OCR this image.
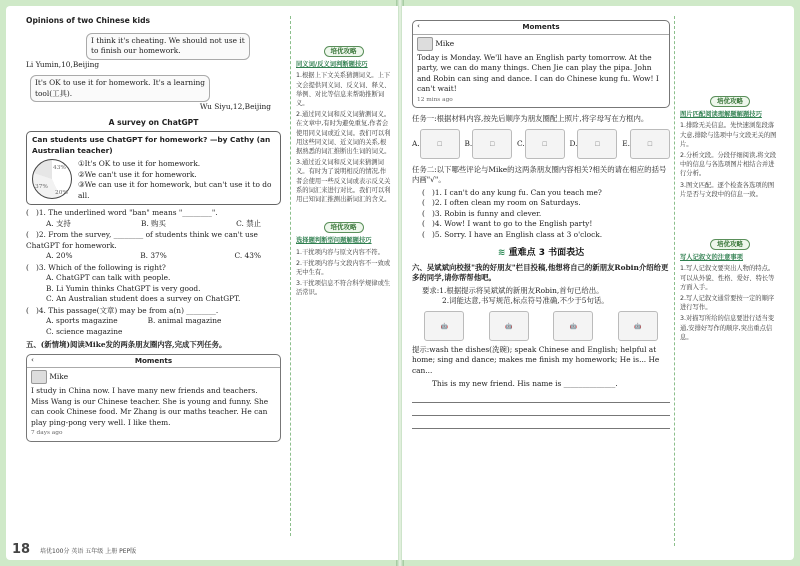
Opinions of two Chinese kids
I think it's cheating. We should not use it
to finish our homework.
Li Yumin,10,Beijing
It's OK to use it for homework. It's a learning
tool(工具).
Wu Siyu,12,Beijing
A survey on ChatGPT
Can students use ChatGPT for homework? —by Cathy (an Australian teacher)
43%
37%
20%
①It's OK to use it for homework.
②We can't use it for homework.
③We can use it for homework, but can't use it to do all.
(   )1. The underlined word "ban" means "________".
A. 支持	B. 购买	C. 禁止
(   )2. From the survey, ________ of students think we can't use ChatGPT for homework.
A. 20%	B. 37%	C. 43%
(   )3. Which of the following is right?
A. ChatGPT can talk with people.
B. Li Yumin thinks ChatGPT is very good.
C. An Australian student does a survey on ChatGPT.
(   )4. This passage(文章) may be from a(n) ________.
A. sports magazine	B. animal magazine
C. science magazine
五、(新情境)阅读Mike发的两条朋友圈内容,完成下列任务。
‹	Moments
Mike
I study in China now. I have many new friends and teachers. Miss Wang is our Chinese teacher. She is young and funny. She can cook Chinese food. Mr Zhang is our maths teacher. He can play ping-pong very well. I like them.
7 days ago
培优攻略
同义词/反义词判断题技巧

1.根据上下文关系猜测词义。上下文会提供同义词、反义词、释义、举例、对比等信息来帮助推断词义。

2.通过同义词和反义词猜测词义。在文章中,有时为避免重复,作者会使用同义词或近义词。我们可以利用这些同义词、近义词的关系,根据熟悉的词汇推断出生词的词义。

3.通过近义词和反义词来猜测词义。有时为了说明相反的情况,作者会使用一些反义词或表示反义关系的词汇来进行对比。我们可以利用已知词汇推测出新词汇的含义。

培优攻略
选择题判断型问题解题技巧

1.干扰项内容与原文内容不符。

2.干扰项内容与文段内容不一致或无中生有。

3.干扰项信息不符合科学规律或生活常识。

18 培优100分 英语 五年级 上册 PEP版
‹	Moments
Mike
Today is Monday. We'll have an English party tomorrow. At the party, we can do many things. Chen Jie can play the pipa. John and Robin can sing and dance. I can do Chinese kung fu. Wow! I can't wait!
12 mins ago
任务一:根据材料内容,按先后顺序为朋友圈配上照片,将字母写在方框内。
A.	☐	B.	☐	C.	☐	D.	☐	E.	☐
任务二:以下哪些评论与Mike的这两条朋友圈内容相关?相关的请在相应的括号内画"√"。
(   )1. I can't do any kung fu. Can you teach me?
(   )2. I often clean my room on Saturdays.
(   )3. Robin is funny and clever.
(   )4. Wow! I want to go to the English party!
(   )5. Sorry. I have an English class at 3 o'clock.
≋ 重难点 3 书面表达
六、吴斌斌向校报"我的好朋友"栏目投稿,他想将自己的新朋友Robin介绍给更多的同学,请你帮帮他吧。
要求:1.根据提示将吴斌斌的新朋友Robin,首句已给出。
2.词能达意,书写规范,标点符号准确,不少于5句话。
🤖	🤖	🤖	🤖
提示:wash the dishes(洗碗); speak Chinese and English; helpful at home; sing and dance; makes me finish my homework; He is... He can...
This is my new friend. His name is ______________.
培优攻略
图片匹配阅读理解题解题技巧

1.排除无关信息。先快速浏览段落大意,排除与选项中与文段无关的图片。

2.分析文段。分段仔细阅读,将文段中的信息与各选项图片相结合并进行分析。

3.图文匹配。逐个检查各选项的图片是否与文段中的信息一致。

培优攻略
写人记叙文的注意事项

1.写人记叙文要突出人物的特点。可以从外貌、性格、爱好、特长等方面入手。

2.写人记叙文通常要按一定的顺序进行写作。

3.对描写所给的信息要进行适当变通,安排好写作的顺序,突出重点信息。
